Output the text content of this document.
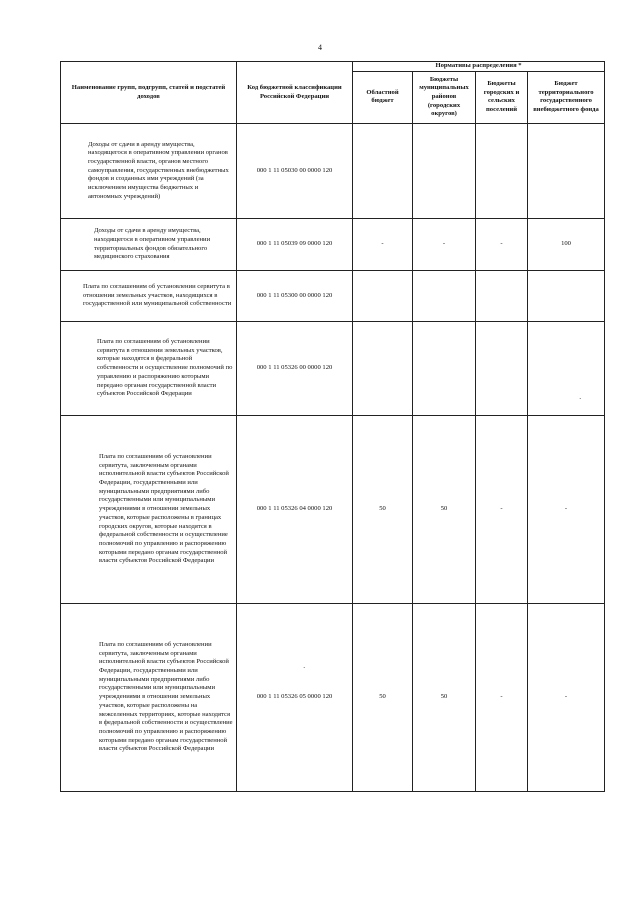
4
Наименование групп, подгрупп, статей и подстатей доходов	Код бюджетной классификации Российской Федерации	Нормативы распределения *			
		Областной бюджет	Бюджеты муниципальных районов (городских округов)	Бюджеты городских и сельских поселений	Бюджет территориального государственного внебюджетного фонда
Доходы от сдачи в аренду имущества, находящегося в оперативном управлении органов государственной власти, органов местного самоуправления, государственных внебюджетных фондов и созданных ими учреждений (за исключением имущества бюджетных и автономных учреждений)	000 1 11 05030 00 0000 120				
Доходы от сдачи в аренду имущества, находящегося в оперативном управлении территориальных фондов обязательного медицинского страхования	000 1 11 05039 09 0000 120	-	-	-	100
Плата по соглашениям об установлении сервитута в отношении земельных участков, находящихся в государственной или муниципальной собственности	000 1 11 05300 00 0000 120				
Плата по соглашениям об установлении сервитута в отношении земельных участков, которые находятся в федеральной собственности и осуществление полномочий по управлению и распоряжению которыми передано органам государственной власти субъектов Российской Федерации	000 1 11 05326 00 0000 120				
Плата по соглашениям об установлении сервитута, заключенным органами исполнительной власти субъектов Российской Федерации, государственными или муниципальными предприятиями либо государственными или муниципальными учреждениями в отношении земельных участков, которые расположены в границах городских округов, которые находятся в федеральной собственности и осуществление полномочий по управлению и распоряжению которыми передано органам государственной власти субъектов Российской Федерации	000 1 11 05326 04 0000 120	50	50	-	-
Плата по соглашениям об установлении сервитута, заключенным органами исполнительной власти субъектов Российской Федерации, государственными или муниципальными предприятиями либо государственными или муниципальными учреждениями в отношении земельных участков, которые расположены на межселенных территориях, которые находятся в федеральной собственности и осуществление полномочий по управлению и распоряжению которыми передано органам государственной власти субъектов Российской Федерации	000 1 11 05326 05 0000 120	50	50	-	-
·
·
